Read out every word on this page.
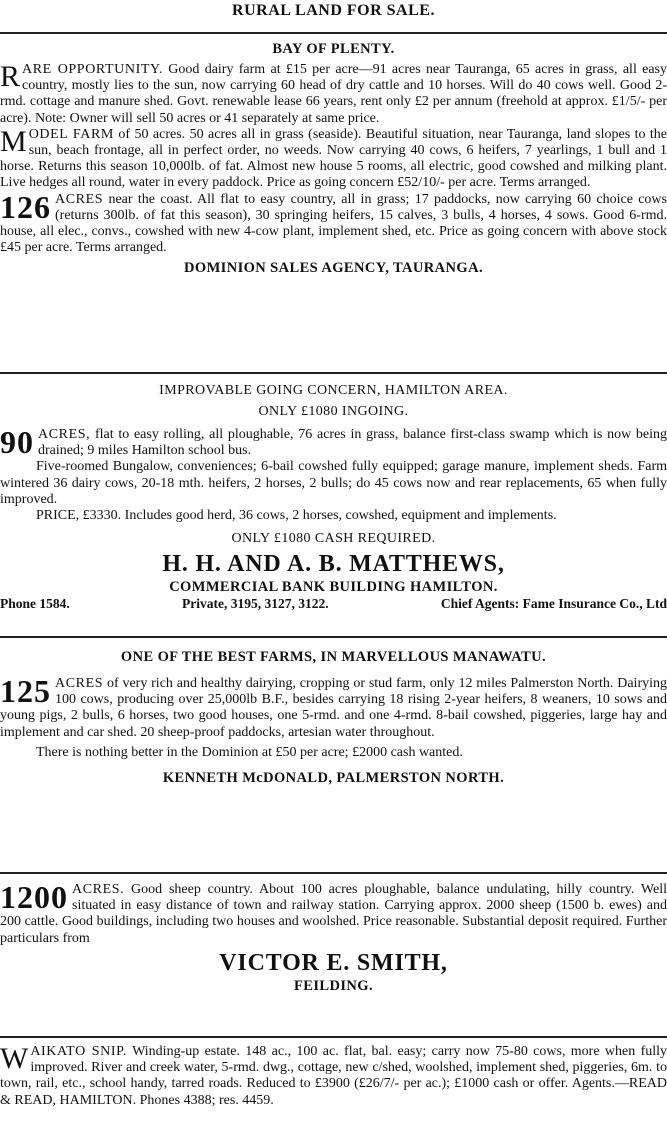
RURAL LAND FOR SALE.
BAY OF PLENTY.

R ARE OPPORTUNITY. Good dairy farm at £15 per acre—91 acres near Tauranga, 65 acres in grass, all easy country, mostly lies to the sun, now carrying 60 head of dry cattle and 10 horses. Will do 40 cows well. Good 2-rmd. cottage and manure shed. Govt. renewable lease 66 years, rent only £2 per annum (freehold at approx. £1/5/- per acre). Note: Owner will sell 50 acres or 41 separately at same price.

M ODEL FARM of 50 acres. 50 acres all in grass (seaside). Beautiful situation, near Tauranga, land slopes to the sun, beach frontage, all in perfect order, no weeds. Now carrying 40 cows, 6 heifers, 7 yearlings, 1 bull and 1 horse. Returns this season 10,000lb. of fat. Almost new house 5 rooms, all electric, good cowshed and milking plant. Live hedges all round, water in every paddock. Price as going concern £52/10/- per acre. Terms arranged.

126 ACRES near the coast. All flat to easy country, all in grass; 17 paddocks, now carrying 60 choice cows (returns 300lb. of fat this season), 30 springing heifers, 15 calves, 3 bulls, 4 horses, 4 sows. Good 6-rmd. house, all elec., convs., cowshed with new 4-cow plant, implement shed, etc. Price as going concern with above stock £45 per acre. Terms arranged.

DOMINION SALES AGENCY, TAURANGA.
IMPROVABLE GOING CONCERN, HAMILTON AREA.
ONLY £1080 INGOING.

90 ACRES, flat to easy rolling, all ploughable, 76 acres in grass, balance first-class swamp which is now being drained; 9 miles Hamilton school bus.

Five-roomed Bungalow, conveniences; 6-bail cowshed fully equipped; garage manure, implement sheds. Farm wintered 36 dairy cows, 20-18 mth. heifers, 2 horses, 2 bulls; do 45 cows now and rear replacements, 65 when fully improved.

PRICE, £3330. Includes good herd, 36 cows, 2 horses, cowshed, equipment and implements.

ONLY £1080 CASH REQUIRED.
H. H. AND A. B. MATTHEWS,
COMMERCIAL BANK BUILDING HAMILTON.
Phone 1584.	Private, 3195, 3127, 3122.	Chief Agents: Fame Insurance Co., Ltd
ONE OF THE BEST FARMS, IN MARVELLOUS MANAWATU.

125 ACRES of very rich and healthy dairying, cropping or stud farm, only 12 miles Palmerston North. Dairying 100 cows, producing over 25,000lb B.F., besides carrying 18 rising 2-year heifers, 8 weaners, 10 sows and young pigs, 2 bulls, 6 horses, two good houses, one 5-rmd. and one 4-rmd. 8-bail cowshed, piggeries, large hay and implement and car shed. 20 sheep-proof paddocks, artesian water throughout.

There is nothing better in the Dominion at £50 per acre; £2000 cash wanted.

KENNETH McDONALD, PALMERSTON NORTH.

1200 ACRES. Good sheep country. About 100 acres ploughable, balance undulating, hilly country. Well situated in easy distance of town and railway station. Carrying approx. 2000 sheep (1500 b. ewes) and 200 cattle. Good buildings, including two houses and woolshed. Price reasonable. Substantial deposit required. Further particulars from

VICTOR E. SMITH,
FEILDING.

W AIKATO SNIP. Winding-up estate. 148 ac., 100 ac. flat, bal. easy; carry now 75-80 cows, more when fully improved. River and creek water, 5-rmd. dwg., cottage, new c/shed, woolshed, implement shed, piggeries, 6m. to town, rail, etc., school handy, tarred roads. Reduced to £3900 (£26/7/- per ac.); £1000 cash or offer. Agents.—READ & READ, HAMILTON. Phones 4388; res. 4459.
